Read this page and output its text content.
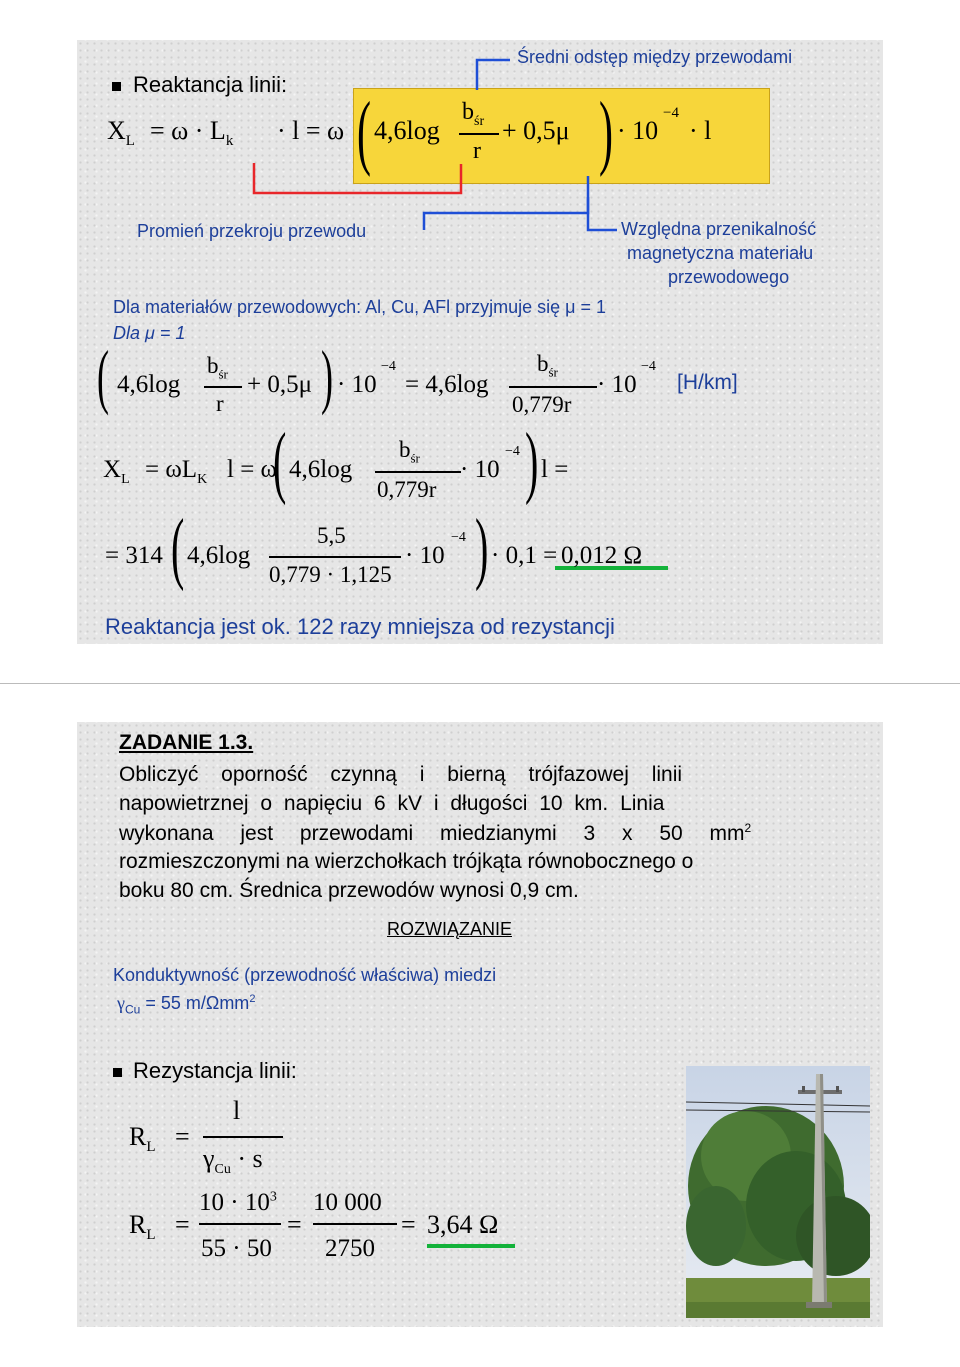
Reaktancja linii:
Średni odstęp między przewodami
$X_L = \omega \cdot L_k \cdot l = \omega$ ( 4,6log
$b_{śr}$
r
+ 0,5μ ) · 10
−4
· l
Promień przekroju przewodu	Względna przenikalność
magnetyczna materiału
przewodowego
Dla materiałów przewodowych: Al, Cu, AFl przyjmuje się μ = 1
Dla μ = 1
( 4,6log
$b_{śr}$
r
+ 0,5μ ) · 10
−4
= 4,6log
$b_{śr}$
0,779r
· 10
−4
[H/km]
$X_L = \omega L_K$ l = ω
( 4,6log
$b_{śr}$
0,779r
· 10
−4 ) l =
= 314 ( 4,6log
5,5
0,779 · 1,125
· 10
−4 ) · 0,1 = 0,012 Ω
Reaktancja jest ok. 122 razy mniejsza od rezystancji
ZADANIE 1.3.
Obliczyć oporność czynną i bierną trójfazowej linii
napowietrznej o napięciu 6 kV i długości 10 km. Linia
wykonana jest przewodami miedzianymi 3 x 50 $mm^2$
rozmieszczonymi na wierzchołkach trójkąta równobocznego o
boku 80 cm. Średnica przewodów wynosi 0,9 cm.
ROZWIĄZANIE
Konduktywność (przewodność właściwa) miedzi
$\gamma_{Cu} = 55$ m/Ωmm$^2$
Rezystancja linii:
$R_L$ =
l
$\gamma_{Cu} \cdot s$
$R_L$ =
$10 \cdot 10^3$
55 · 50
=
10 000
2750
= 3,64 Ω
